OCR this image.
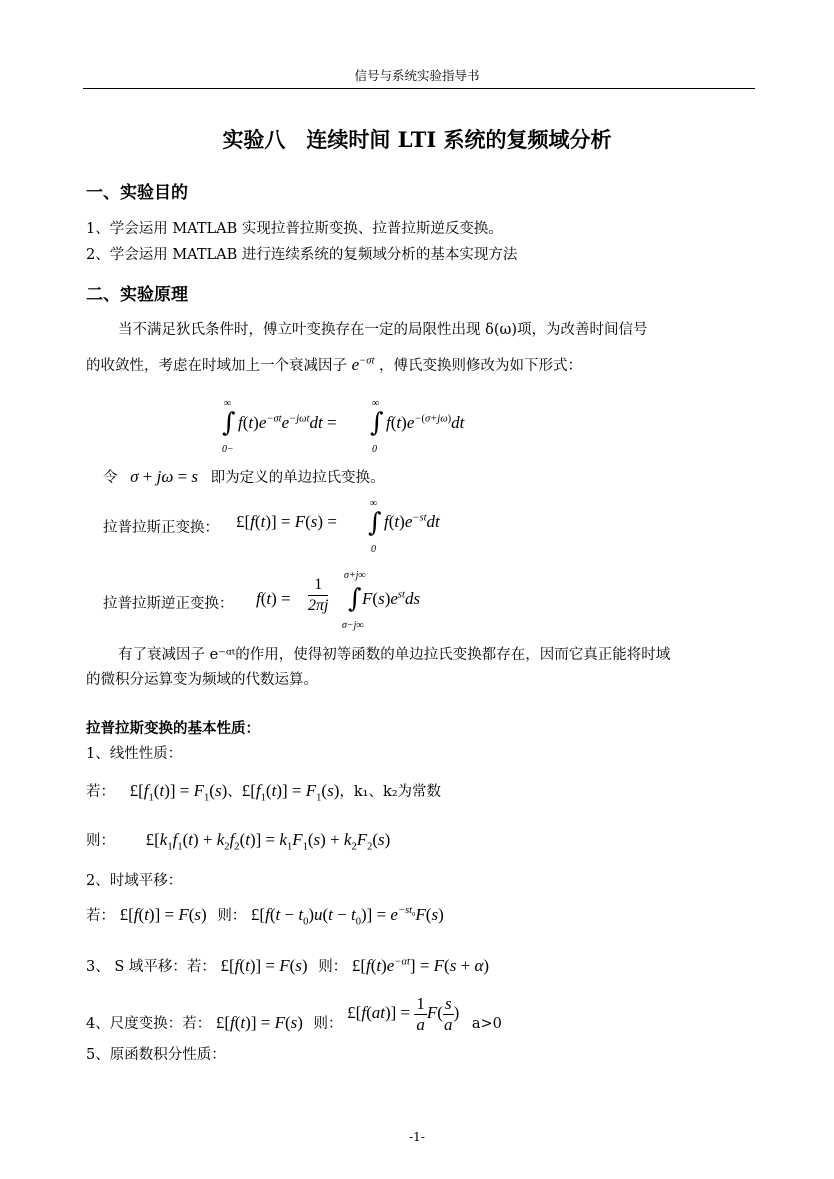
信号与系统实验指导书
实验八　连续时间 LTI 系统的复频域分析
一、实验目的
1、学会运用 MATLAB 实现拉普拉斯变换、拉普拉斯逆反变换。
2、学会运用 MATLAB 进行连续系统的复频域分析的基本实现方法
二、实验原理
当不满足狄氏条件时，傅立叶变换存在一定的局限性出现 δ(ω)项，为改善时间信号
的收敛性，考虑在时域加上一个衰减因子 $e^{-\sigma t}$ ，傅氏变换则修改为如下形式：
∞
∫
0−
$f(t)e^{-\sigma t}e^{-j\omega t}dt$ =
∞
∫
0
$f(t)e^{-(\sigma+j\omega)}dt$
令 σ + jω = s 即为定义的单边拉氏变换。
拉普拉斯正变换： £[f(t)] = F(s) =
∞
∫
0
$f(t)e^{-st}dt$
拉普拉斯逆正变换： $f(t) = \frac{1}{2\pi j} \sigma+j\infty$
∫
σ−j∞
$F(s)e^{st}ds$
有了衰减因子 e⁻ᵅᵗ的作用，使得初等函数的单边拉氏变换都存在，因而它真正能将时域
的微积分运算变为频域的代数运算。
拉普拉斯变换的基本性质：
1、线性性质：
若： $£[f_1(t)] = F_1(s)$、$£[f_1(t)] = F_1(s)$，k₁、k₂为常数
则： $£[k_1f_1(t) + k_2f_2(t)] = k_1F_1(s) + k_2F_2(s)$
2、时域平移：
若： £[f(t)] = F(s) 则： £[f(t − $t_0)u(t - t_0)] = e^{-st_0}F(s)$
3、 S 域平移：若： £[f(t)] = F(s) 则： $£[f(t)e^{-\alpha t}] = F(s + \alpha)$
4、尺度变换：若： £[f(t)] = F(s) 则： £[f(at)] = $\frac{1}{a} F( \frac{s}{a}$ ) a>0
5、原函数积分性质：
-1-
